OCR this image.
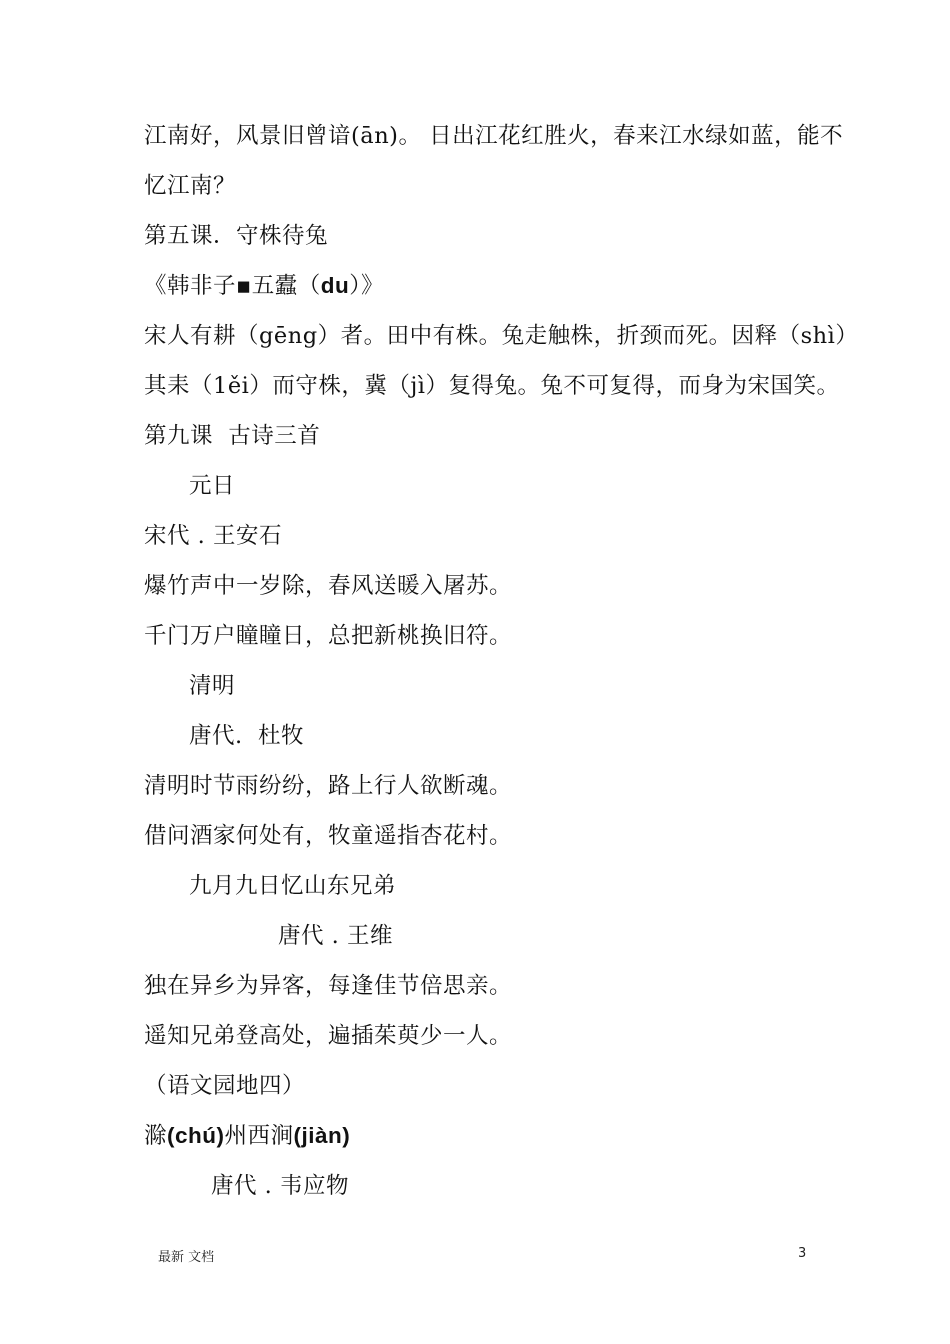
江南好，风景旧曾谙(ān)。 日出江花红胜火，春来江水绿如蓝，能不
忆江南？
第五课．守株待兔
《韩非子▪五蠹（du）》
宋人有耕（gēng）者。田中有株。兔走触株，折颈而死。因释（shì）
其耒（1ěi）而守株，冀（jì）复得兔。兔不可复得，而身为宋国笑。
第九课  古诗三首
元日
宋代 . 王安石
爆竹声中一岁除，春风送暖入屠苏。
千门万户瞳瞳日，总把新桃换旧符。
清明
唐代.  杜牧
清明时节雨纷纷，路上行人欲断魂。
借问酒家何处有，牧童遥指杏花村。
九月九日忆山东兄弟
唐代 . 王维
独在异乡为异客，每逢佳节倍思亲。
遥知兄弟登高处，遍插茱萸少一人。
（语文园地四）
滁(chú)州西涧(jiàn)
唐代 . 韦应物
最新 文档	3
